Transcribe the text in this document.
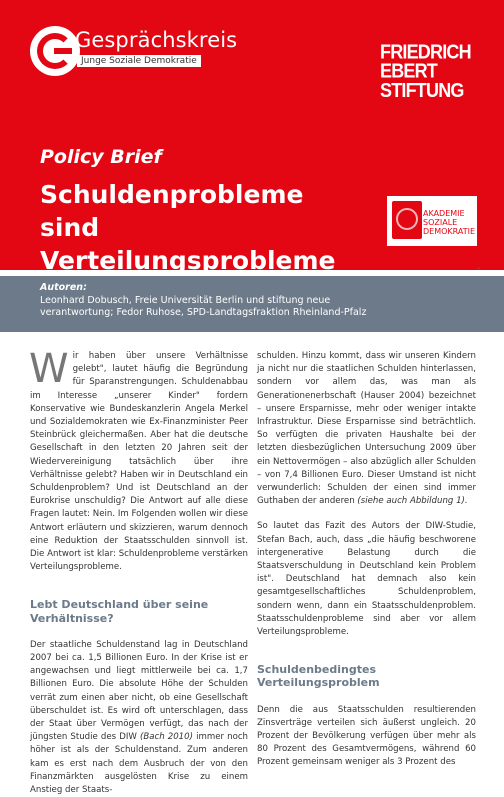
Gesprächskreis
Junge Soziale Demokratie	FRIEDRICH
EBERT
STIFTUNG
Policy Brief
Schuldenprobleme sind Verteilungsprobleme
AKADEMIE
SOZIALE
DEMOKRATIE
▫
Autoren:
Leonhard Dobusch, Freie Universität Berlin und stiftung neue
verantwortung; Fedor Ruhose, SPD-Landtagsfraktion Rheinland-Pfalz

Wir haben über unsere Verhältnisse gelebt", lautet häufig die Begründung für Sparanstrengungen. Schuldenabbau im Interesse „unserer Kinder" fordern Konservative wie Bundeskanzlerin Angela Merkel und Sozialdemokraten wie Ex-Finanzminister Peer Steinbrück gleichermaßen. Aber hat die deutsche Gesellschaft in den letzten 20 Jahren seit der Wiedervereinigung tatsächlich über ihre Verhältnisse gelebt? Haben wir in Deutschland ein Schuldenproblem? Und ist Deutschland an der Eurokrise unschuldig? Die Antwort auf alle diese Fragen lautet: Nein. Im Folgenden wollen wir diese Antwort erläutern und skizzieren, warum dennoch eine Reduktion der Staatsschulden sinnvoll ist. Die Antwort ist klar: Schuldenprobleme verstärken Verteilungsprobleme.

Lebt Deutschland über seine Verhältnisse?

Der staatliche Schuldenstand lag in Deutschland 2007 bei ca. 1,5 Billionen Euro. In der Krise ist er angewachsen und liegt mittlerweile bei ca. 1,7 Billionen Euro. Die absolute Höhe der Schulden verrät zum einen aber nicht, ob eine Gesellschaft überschuldet ist. Es wird oft unterschlagen, dass der Staat über Vermögen verfügt, das nach der jüngsten Studie des DIW (Bach 2010) immer noch höher ist als der Schuldenstand. Zum anderen kam es erst nach dem Ausbruch der von den Finanzmärkten ausgelösten Krise zu einem Anstieg der Staats-

schulden. Hinzu kommt, dass wir unseren Kindern ja nicht nur die staatlichen Schulden hinterlassen, sondern vor allem das, was man als Generationenerbschaft (Hauser 2004) bezeichnet – unsere Ersparnisse, mehr oder weniger intakte Infrastruktur. Diese Ersparnisse sind beträchtlich. So verfügten die privaten Haushalte bei der letzten diesbezüglichen Untersuchung 2009 über ein Nettovermögen – also abzüglich aller Schulden – von 7,4 Billionen Euro. Dieser Umstand ist nicht verwunderlich: Schulden der einen sind immer Guthaben der anderen (siehe auch Abbildung 1).

So lautet das Fazit des Autors der DIW-Studie, Stefan Bach, auch, dass „die häufig beschworene intergenerative Belastung durch die Staatsverschuldung in Deutschland kein Problem ist". Deutschland hat demnach also kein gesamtgesellschaftliches Schuldenproblem, sondern wenn, dann ein Staatsschuldenproblem. Staatsschuldenprobleme sind aber vor allem Verteilungsprobleme.

Schuldenbedingtes Verteilungsproblem

Denn die aus Staatsschulden resultierenden Zinsverträge verteilen sich äußerst ungleich. 20 Prozent der Bevölkerung verfügen über mehr als 80 Prozent des Gesamtvermögens, während 60 Prozent gemeinsam weniger als 3 Prozent des
